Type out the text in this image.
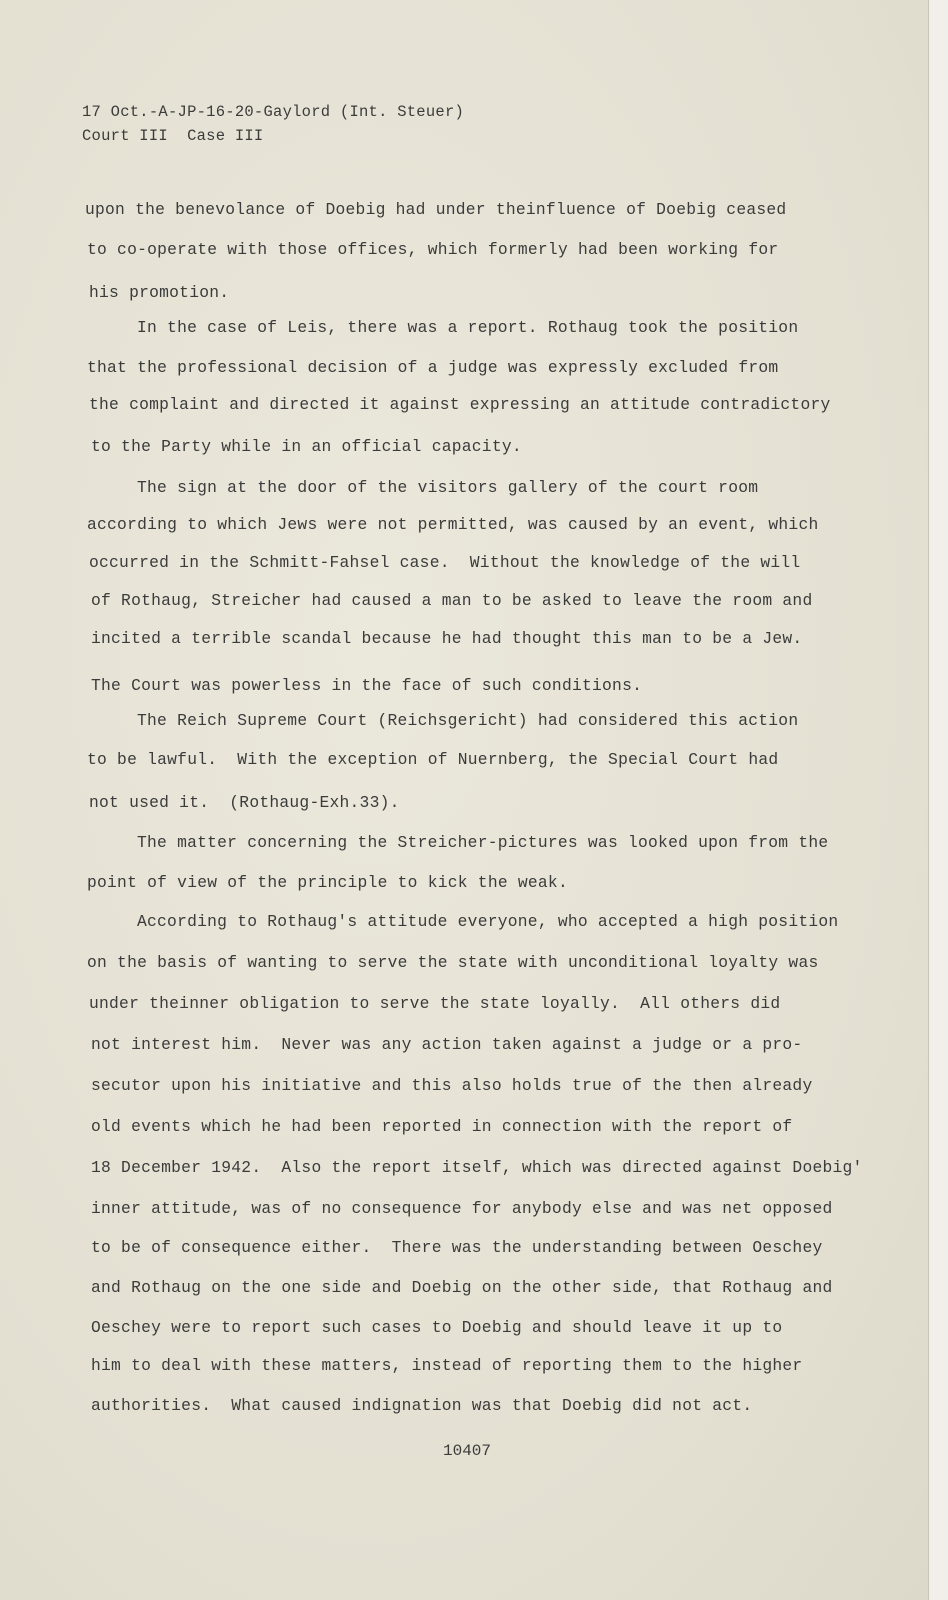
17 Oct.-A-JP-16-20-Gaylord (Int. Steuer)
Court III  Case III
upon the benevolance of Doebig had under theinfluence of Doebig ceased
to co-operate with those offices, which formerly had been working for
his promotion.
In the case of Leis, there was a report. Rothaug took the position
that the professional decision of a judge was expressly excluded from
the complaint and directed it against expressing an attitude contradictory
to the Party while in an official capacity.
The sign at the door of the visitors gallery of the court room
according to which Jews were not permitted, was caused by an event, which
occurred in the Schmitt-Fahsel case.  Without the knowledge of the will
of Rothaug, Streicher had caused a man to be asked to leave the room and
incited a terrible scandal because he had thought this man to be a Jew.
The Court was powerless in the face of such conditions.
The Reich Supreme Court (Reichsgericht) had considered this action
to be lawful.  With the exception of Nuernberg, the Special Court had
not used it.  (Rothaug-Exh.33).
The matter concerning the Streicher-pictures was looked upon from the
point of view of the principle to kick the weak.
According to Rothaug's attitude everyone, who accepted a high position
on the basis of wanting to serve the state with unconditional loyalty was
under theinner obligation to serve the state loyally.  All others did
not interest him.  Never was any action taken against a judge or a pro-
secutor upon his initiative and this also holds true of the then already
old events which he had been reported in connection with the report of
18 December 1942.  Also the report itself, which was directed against Doebig'
inner attitude, was of no consequence for anybody else and was net opposed
to be of consequence either.  There was the understanding between Oeschey
and Rothaug on the one side and Doebig on the other side, that Rothaug and
Oeschey were to report such cases to Doebig and should leave it up to
him to deal with these matters, instead of reporting them to the higher
authorities.  What caused indignation was that Doebig did not act.
10407
